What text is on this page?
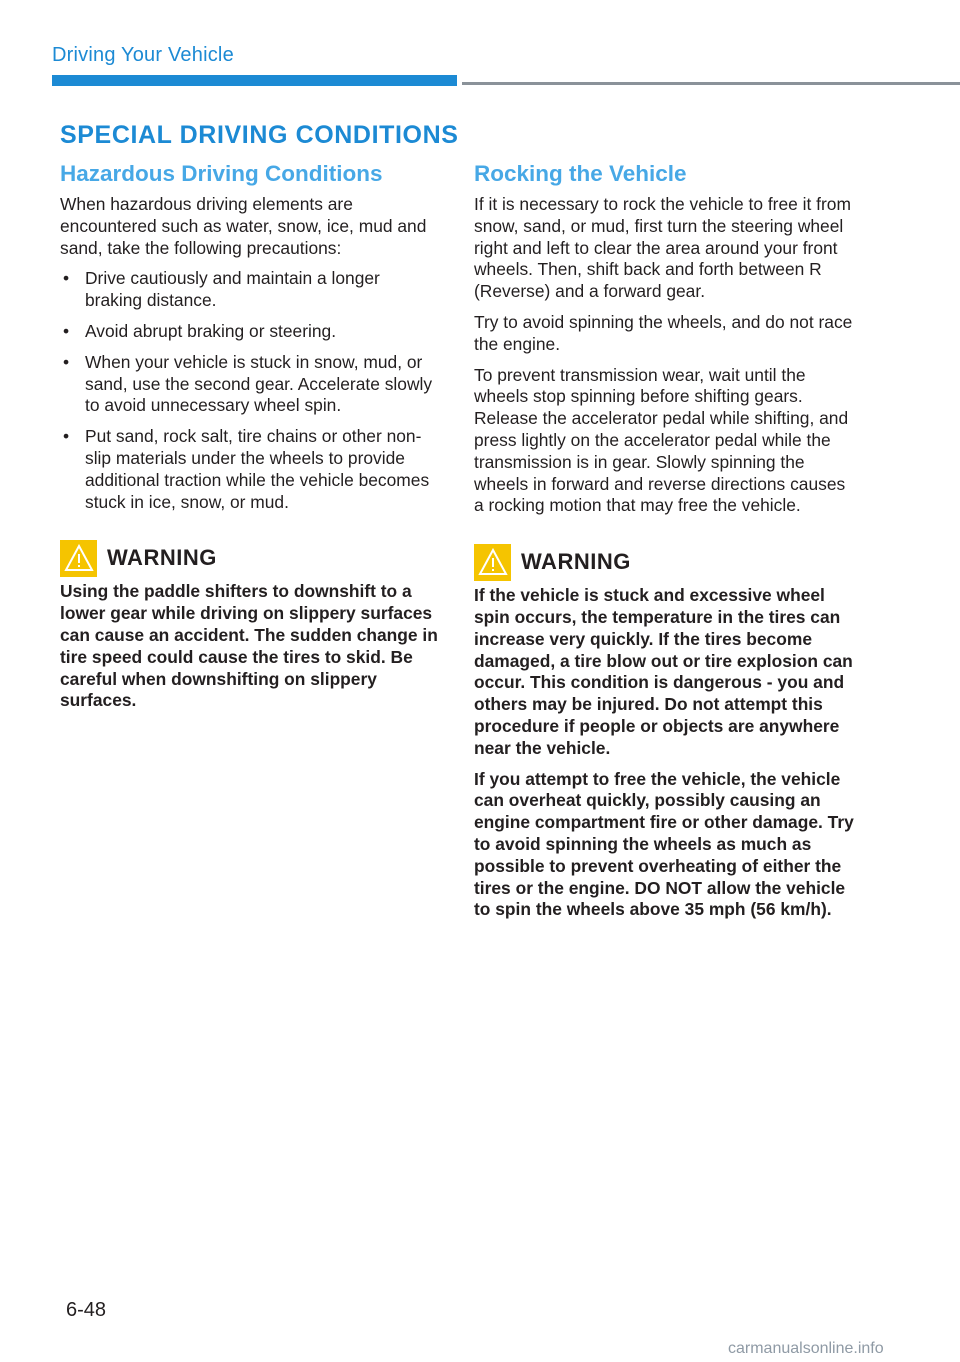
Driving Your Vehicle
SPECIAL DRIVING CONDITIONS
Hazardous Driving Conditions

When hazardous driving elements are encountered such as water, snow, ice, mud and sand, take the following precautions:

• Drive cautiously and maintain a longer braking distance.
• Avoid abrupt braking or steering.
• When your vehicle is stuck in snow, mud, or sand, use the second gear. Accelerate slowly to avoid unnecessary wheel spin.
• Put sand, rock salt, tire chains or other non-slip materials under the wheels to provide additional traction while the vehicle becomes stuck in ice, snow, or mud.
WARNING

Using the paddle shifters to downshift to a lower gear while driving on slippery surfaces can cause an accident. The sudden change in tire speed could cause the tires to skid. Be careful when downshifting on slippery surfaces.

Rocking the Vehicle

If it is necessary to rock the vehicle to free it from snow, sand, or mud, first turn the steering wheel right and left to clear the area around your front wheels. Then, shift back and forth between R (Reverse) and a forward gear.

Try to avoid spinning the wheels, and do not race the engine.

To prevent transmission wear, wait until the wheels stop spinning before shifting gears. Release the accelerator pedal while shifting, and press lightly on the accelerator pedal while the transmission is in gear. Slowly spinning the wheels in forward and reverse directions causes a rocking motion that may free the vehicle.

WARNING

If the vehicle is stuck and excessive wheel spin occurs, the temperature in the tires can increase very quickly. If the tires become damaged, a tire blow out or tire explosion can occur. This condition is dangerous - you and others may be injured. Do not attempt this procedure if people or objects are anywhere near the vehicle.

If you attempt to free the vehicle, the vehicle can overheat quickly, possibly causing an engine compartment fire or other damage. Try to avoid spinning the wheels as much as possible to prevent overheating of either the tires or the engine. DO NOT allow the vehicle to spin the wheels above 35 mph (56 km/h).

6-48
carmanualsonline.info
